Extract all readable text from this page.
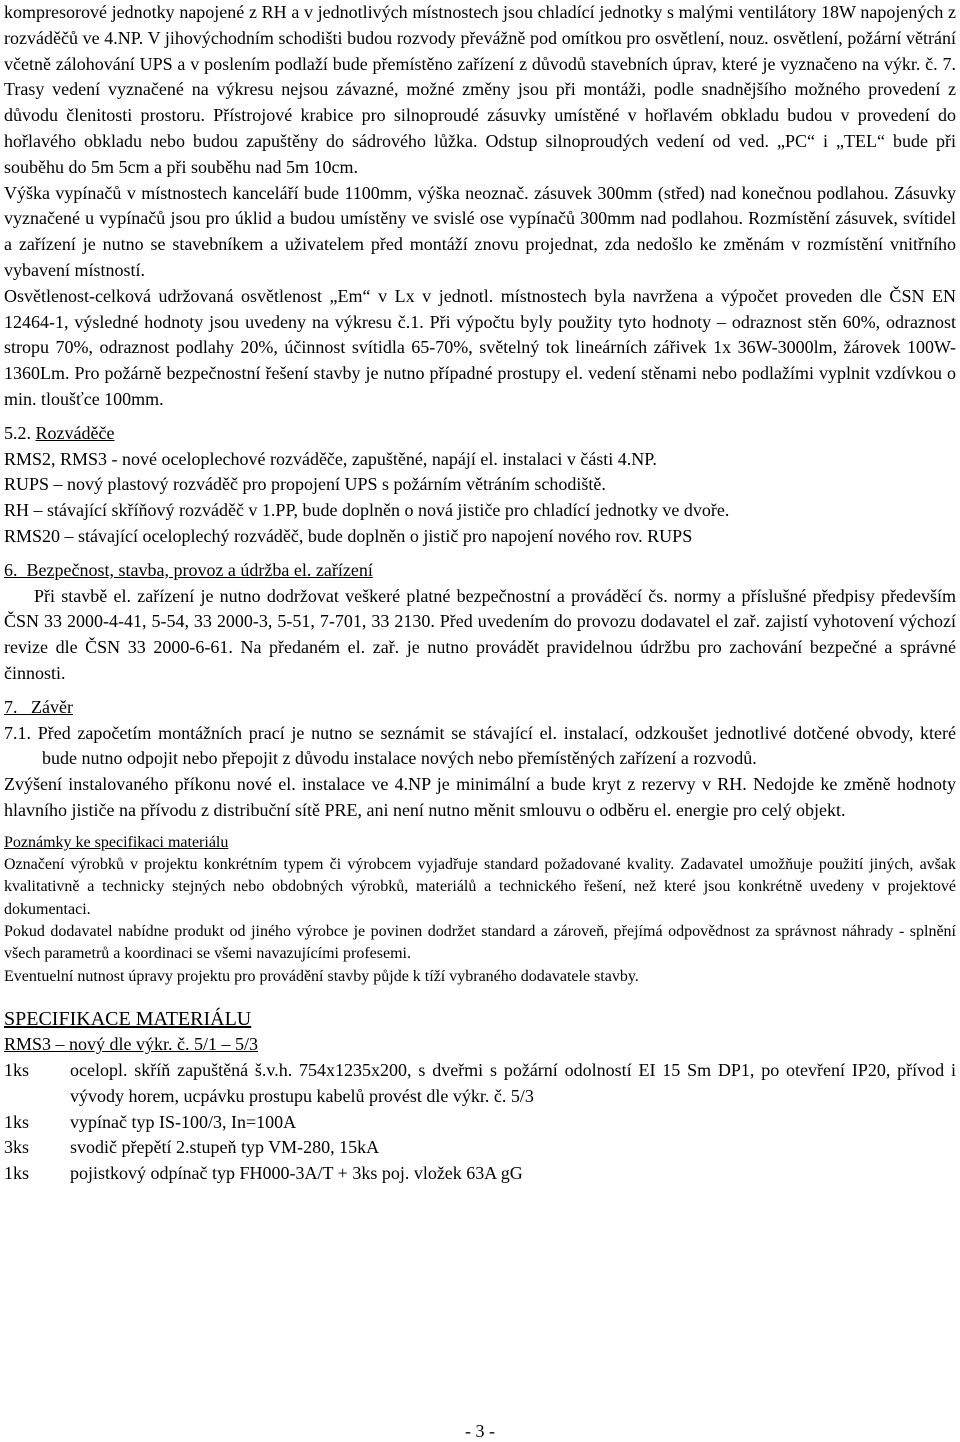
kompresorové jednotky napojené z RH a v jednotlivých místnostech jsou chladící jednotky s malými ventilátory 18W napojených z rozváděčů ve 4.NP. V jihovýchodním schodišti budou rozvody převážně pod omítkou pro osvětlení, nouz. osvětlení, požární větrání včetně zálohování UPS a v poslením podlaží bude přemístěno zařízení z důvodů stavebních úprav, které je vyznačeno na výkr. č. 7. Trasy vedení vyznačené na výkresu nejsou závazné, možné změny jsou při montáži, podle snadnějšího možného provedení z důvodu členitosti prostoru. Přístrojové krabice pro silnoproudé zásuvky umístěné v hořlavém obkladu budou v provedení do hořlavého obkladu nebo budou zapuštěny do sádrového lůžka. Odstup silnoproudých vedení od ved. „PC“ i „TEL“ bude při souběhu do 5m 5cm a při souběhu nad 5m 10cm.

Výška vypínačů v místnostech kanceláří bude 1100mm, výška neoznač. zásuvek 300mm (střed) nad konečnou podlahou. Zásuvky vyznačené u vypínačů jsou pro úklid a budou umístěny ve svislé ose vypínačů 300mm nad podlahou. Rozmístění zásuvek, svítidel a zařízení je nutno se stavebníkem a uživatelem před montáží znovu projednat, zda nedošlo ke změnám v rozmístění vnitřního vybavení místností.

Osvětlenost-celková udržovaná osvětlenost „Em“ v Lx v jednotl. místnostech byla navržena a výpočet proveden dle ČSN EN 12464-1, výsledné hodnoty jsou uvedeny na výkresu č.1. Při výpočtu byly použity tyto hodnoty – odraznost stěn 60%, odraznost stropu 70%, odraznost podlahy 20%, účinnost svítidla 65-70%, světelný tok lineárních zářivek 1x 36W-3000lm, žárovek 100W-1360Lm. Pro požárně bezpečnostní řešení stavby je nutno případné prostupy el. vedení stěnami nebo podlažími vyplnit vzdívkou o min. tloušťce 100mm.

5.2. Rozváděče

RMS2, RMS3 - nové oceloplechové rozváděče, zapuštěné, napájí el. instalaci v části 4.NP.

RUPS – nový plastový rozváděč pro propojení UPS s požárním větráním schodiště.

RH – stávající skříňový rozváděč v 1.PP, bude doplněn o nová jističe pro chladící jednotky ve dvoře.

RMS20 – stávající oceloplechý rozváděč, bude doplněn o jistič pro napojení nového rov. RUPS

6. Bezpečnost, stavba, provoz a údržba el. zařízení

Při stavbě el. zařízení je nutno dodržovat veškeré platné bezpečnostní a prováděcí čs. normy a příslušné předpisy především ČSN 33 2000-4-41, 5-54, 33 2000-3, 5-51, 7-701, 33 2130. Před uvedením do provozu dodavatel el zař. zajistí vyhotovení výchozí revize dle ČSN 33 2000-6-61. Na předaném el. zař. je nutno provádět pravidelnou údržbu pro zachování bezpečné a správné činnosti.

7. Závěr

7.1. Před započetím montážních prací je nutno se seznámit se stávající el. instalací, odzkoušet jednotlivé dotčené obvody, které bude nutno odpojit nebo přepojit z důvodu instalace nových nebo přemístěných zařízení a rozvodů.

Zvýšení instalovaného příkonu nové el. instalace ve 4.NP je minimální a bude kryt z rezervy v RH. Nedojde ke změně hodnoty hlavního jističe na přívodu z distribuční sítě PRE, ani není nutno měnit smlouvu o odběru el. energie pro celý objekt.

Poznámky ke specifikaci materiálu

Označení výrobků v projektu konkrétním typem či výrobcem vyjadřuje standard požadované kvality. Zadavatel umožňuje použití jiných, avšak kvalitativně a technicky stejných nebo obdobných výrobků, materiálů a technického řešení, než které jsou konkrétně uvedeny v projektové dokumentaci.

Pokud dodavatel nabídne produkt od jiného výrobce je povinen dodržet standard a zároveň, přejímá odpovědnost za správnost náhrady - splnění všech parametrů a koordinaci se všemi navazujícími profesemi.

Eventuelní nutnost úpravy projektu pro provádění stavby půjde k tíží vybraného dodavatele stavby.

SPECIFIKACE MATERIÁLU

RMS3 – nový dle výkr. č. 5/1 – 5/3

1ks	ocelopl. skříň zapuštěná š.v.h. 754x1235x200, s dveřmi s požární odolností EI 15 Sm DP1, po otevření IP20, přívod i vývody horem, ucpávku prostupu kabelů provést dle výkr. č. 5/3
1ks	vypínač typ IS-100/3, In=100A
3ks	svodič přepětí 2.stupeň typ VM-280, 15kA
1ks	pojistkový odpínač typ FH000-3A/T + 3ks poj. vložek 63A gG
- 3 -
